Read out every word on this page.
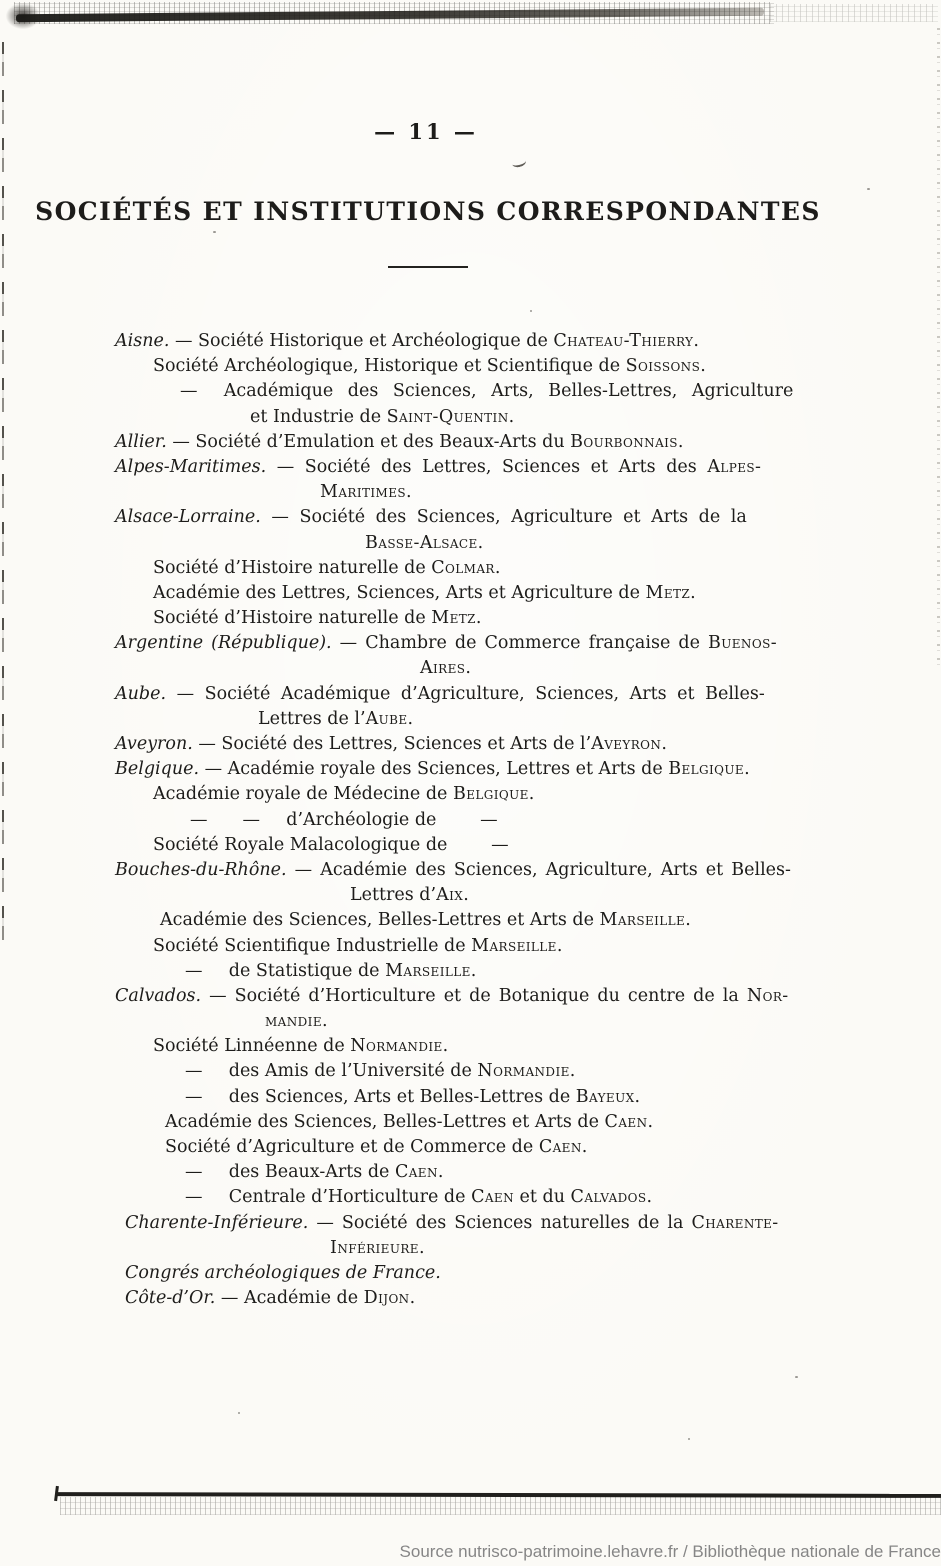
— 11 —
SOCIÉTÉS ET INSTITUTIONS CORRESPONDANTES
Aisne. — Société Historique et Archéologique de Chateau-Thierry.
Société Archéologique, Historique et Scientifique de Soissons.
—  Académique des Sciences, Arts, Belles-Lettres, Agriculture
et Industrie de Saint-Quentin.
Allier. — Société d’Emulation et des Beaux-Arts du Bourbonnais.
Alpes-Maritimes. — Société des Lettres, Sciences et Arts des Alpes-
Maritimes.
Alsace-Lorraine. — Société des Sciences, Agriculture et Arts de la
Basse-Alsace.
Société d’Histoire naturelle de Colmar.
Académie des Lettres, Sciences, Arts et Agriculture de Metz.
Société d’Histoire naturelle de Metz.
Argentine (République). — Chambre de Commerce française de Buenos-
Aires.
Aube. — Société Académique d’Agriculture, Sciences, Arts et Belles-
Lettres de l’Aube.
Aveyron. — Société des Lettres, Sciences et Arts de l’Aveyron.
Belgique. — Académie royale des Sciences, Lettres et Arts de Belgique.
Académie royale de Médecine de Belgique.
—  —  d’Archéologie de   —
Société Royale Malacologique de   —
Bouches-du-Rhône. — Académie des Sciences, Agriculture, Arts et Belles-
Lettres d’Aix.
Académie des Sciences, Belles-Lettres et Arts de Marseille.
Société Scientifique Industrielle de Marseille.
—  de Statistique de Marseille.
Calvados. — Société d’Horticulture et de Botanique du centre de la Nor-
mandie.
Société Linnéenne de Normandie.
—  des Amis de l’Université de Normandie.
—  des Sciences, Arts et Belles-Lettres de Bayeux.
Académie des Sciences, Belles-Lettres et Arts de Caen.
Société d’Agriculture et de Commerce de Caen.
—  des Beaux-Arts de Caen.
—  Centrale d’Horticulture de Caen et du Calvados.
Charente-Inférieure. — Société des Sciences naturelles de la Charente-
Inférieure.
Congrés archéologiques de France.
Côte-d’Or. — Académie de Dijon.
Source nutrisco-patrimoine.lehavre.fr / Bibliothèque nationale de France
